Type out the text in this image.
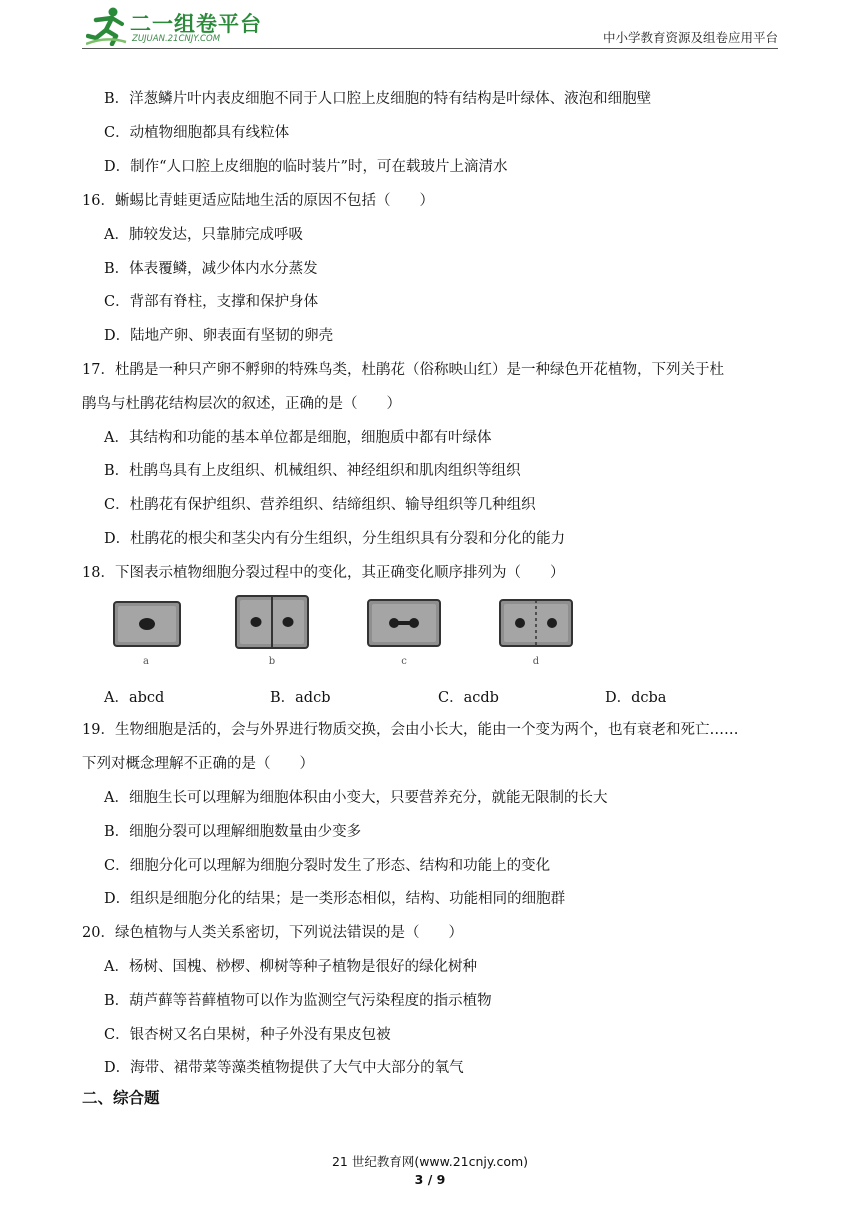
二一组卷平台
ZUJUAN.21CNJY.COM	中小学教育资源及组卷应用平台
B．洋葱鳞片叶内表皮细胞不同于人口腔上皮细胞的特有结构是叶绿体、液泡和细胞壁
C．动植物细胞都具有线粒体
D．制作“人口腔上皮细胞的临时装片”时，可在载玻片上滴清水
16．蜥蜴比青蛙更适应陆地生活的原因不包括（　　）
A．肺较发达，只靠肺完成呼吸
B．体表覆鳞，减少体内水分蒸发
C．背部有脊柱，支撑和保护身体
D．陆地产卵、卵表面有坚韧的卵壳
17．杜鹃是一种只产卵不孵卵的特殊鸟类，杜鹃花（俗称映山红）是一种绿色开花植物，下列关于杜
鹃鸟与杜鹃花结构层次的叙述，正确的是（　　）
A．其结构和功能的基本单位都是细胞，细胞质中都有叶绿体
B．杜鹃鸟具有上皮组织、机械组织、神经组织和肌肉组织等组织
C．杜鹃花有保护组织、营养组织、结缔组织、输导组织等几种组织
D．杜鹃花的根尖和茎尖内有分生组织，分生组织具有分裂和分化的能力
18．下图表示植物细胞分裂过程中的变化，其正确变化顺序排列为（　　）
a	b	c	d
A．abcd	B．adcb	C．acdb	D．dcba
19．生物细胞是活的，会与外界进行物质交换，会由小长大，能由一个变为两个，也有衰老和死亡……
下列对概念理解不正确的是（　　）
A．细胞生长可以理解为细胞体积由小变大，只要营养充分，就能无限制的长大
B．细胞分裂可以理解细胞数量由少变多
C．细胞分化可以理解为细胞分裂时发生了形态、结构和功能上的变化
D．组织是细胞分化的结果；是一类形态相似，结构、功能相同的细胞群
20．绿色植物与人类关系密切，下列说法错误的是（　　）
A．杨树、国槐、桫椤、柳树等种子植物是很好的绿化树种
B．葫芦藓等苔藓植物可以作为监测空气污染程度的指示植物
C．银杏树又名白果树，种子外没有果皮包被
D．海带、裙带菜等藻类植物提供了大气中大部分的氧气
二、综合题
21 世纪教育网(www.21cnjy.com)
3 / 9
